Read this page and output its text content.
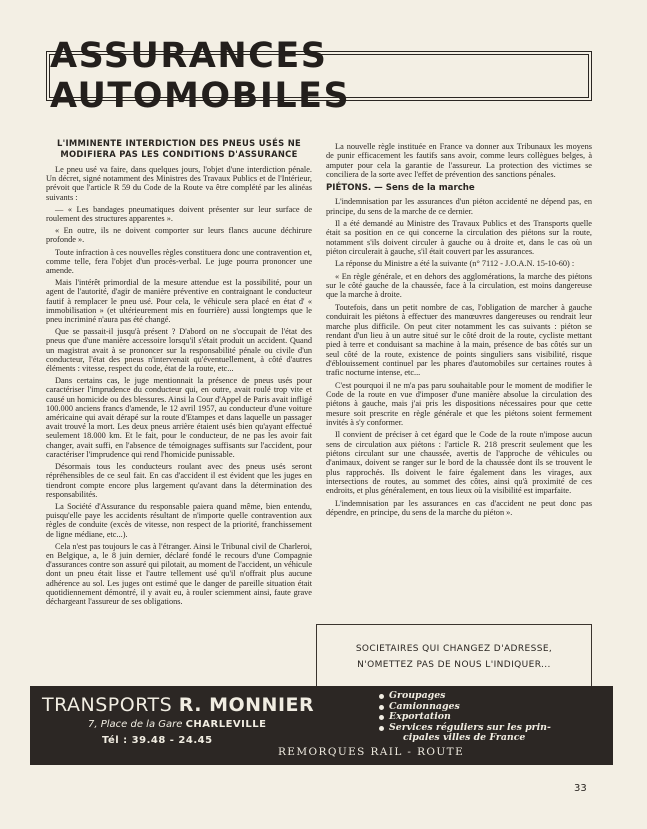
ASSURANCES AUTOMOBILES
L'IMMINENTE INTERDICTION DES PNEUS USÉS NE MODIFIERA PAS LES CONDITIONS D'ASSURANCE

Le pneu usé va faire, dans quelques jours, l'objet d'une interdiction pénale. Un décret, signé notamment des Ministres des Travaux Publics et de l'Intérieur, prévoit que l'article R 59 du Code de la Route va être complété par les alinéas suivants :

— « Les bandages pneumatiques doivent présenter sur leur surface de roulement des structures apparentes ».

« En outre, ils ne doivent comporter sur leurs flancs aucune déchirure profonde ».

Toute infraction à ces nouvelles règles constituera donc une contravention et, comme telle, fera l'objet d'un procès-verbal. Le juge pourra prononcer une amende.

Mais l'intérêt primordial de la mesure attendue est la possibilité, pour un agent de l'autorité, d'agir de manière préventive en contraignant le conducteur fautif à remplacer le pneu usé. Pour cela, le véhicule sera placé en état d' « immobilisation » (et ultérieurement mis en fourrière) aussi longtemps que le pneu incriminé n'aura pas été changé.

Que se passait-il jusqu'à présent ? D'abord on ne s'occupait de l'état des pneus que d'une manière accessoire lorsqu'il s'était produit un accident. Quand un magistrat avait à se prononcer sur la responsabilité pénale ou civile d'un conducteur, l'état des pneus n'intervenait qu'éventuellement, à côté d'autres éléments : vitesse, respect du code, état de la route, etc...

Dans certains cas, le juge mentionnait la présence de pneus usés pour caractériser l'imprudence du conducteur qui, en outre, avait roulé trop vite et causé un homicide ou des blessures. Ainsi la Cour d'Appel de Paris avait infligé 100.000 anciens francs d'amende, le 12 avril 1957, au conducteur d'une voiture américaine qui avait dérapé sur la route d'Etampes et dans laquelle un passager avait trouvé la mort. Les deux pneus arrière étaient usés bien qu'ayant effectué seulement 18.000 km. Et le fait, pour le conducteur, de ne pas les avoir fait changer, avait suffi, en l'absence de témoignages suffisants sur l'accident, pour caractériser l'imprudence qui rend l'homicide punissable.

Désormais tous les conducteurs roulant avec des pneus usés seront répréhensibles de ce seul fait. En cas d'accident il est évident que les juges en tiendront compte encore plus largement qu'avant dans la détermination des responsabilités.

La Société d'Assurance du responsable paiera quand même, bien entendu, puisqu'elle paye les accidents résultant de n'importe quelle contravention aux règles de conduite (excès de vitesse, non respect de la priorité, franchissement de ligne médiane, etc...).

Cela n'est pas toujours le cas à l'étranger. Ainsi le Tribunal civil de Charleroi, en Belgique, a, le 8 juin dernier, déclaré fondé le recours d'une Compagnie d'assurances contre son assuré qui pilotait, au moment de l'accident, un véhicule dont un pneu était lisse et l'autre tellement usé qu'il n'offrait plus aucune adhérence au sol. Les juges ont estimé que le danger de pareille situation était quotidiennement démontré, il y avait eu, à rouler sciemment ainsi, faute grave déchargeant l'assureur de ses obligations.

La nouvelle règle instituée en France va donner aux Tribunaux les moyens de punir efficacement les fautifs sans avoir, comme leurs collègues belges, à amputer pour cela la garantie de l'assureur. La protection des victimes se conciliera de la sorte avec l'effet de prévention des sanctions pénales.

PIÉTONS. — Sens de la marche

L'indemnisation par les assurances d'un piéton accidenté ne dépend pas, en principe, du sens de la marche de ce dernier.

Il a été demandé au Ministre des Travaux Publics et des Transports quelle était sa position en ce qui concerne la circulation des piétons sur la route, notamment s'ils doivent circuler à gauche ou à droite et, dans le cas où un piéton circulerait à gauche, s'il était couvert par les assurances.

La réponse du Ministre a été la suivante (n° 7112 - J.O.A.N. 15-10-60) :

« En règle générale, et en dehors des agglomérations, la marche des piétons sur le côté gauche de la chaussée, face à la circulation, est moins dangereuse que la marche à droite.

Toutefois, dans un petit nombre de cas, l'obligation de marcher à gauche conduirait les piétons à effectuer des manœuvres dangereuses ou rendrait leur marche plus difficile. On peut citer notamment les cas suivants : piéton se rendant d'un lieu à un autre situé sur le côté droit de la route, cycliste mettant pied à terre et conduisant sa machine à la main, présence de bas côtés sur un seul côté de la route, existence de points singuliers sans visibilité, risque d'éblouissement continuel par les phares d'automobiles sur certaines routes à trafic nocturne intense, etc...

C'est pourquoi il ne m'a pas paru souhaitable pour le moment de modifier le Code de la route en vue d'imposer d'une manière absolue la circulation des piétons à gauche, mais j'ai pris les dispositions nécessaires pour que cette mesure soit prescrite en règle générale et que les piétons soient fermement invités à s'y conformer.

Il convient de préciser à cet égard que le Code de la route n'impose aucun sens de circulation aux piétons : l'article R. 218 prescrit seulement que les piétons circulant sur une chaussée, avertis de l'approche de véhicules ou d'animaux, doivent se ranger sur le bord de la chaussée dont ils se trouvent le plus rapprochés. Ils doivent le faire également dans les virages, aux intersections de routes, au sommet des côtes, ainsi qu'à proximité de ces endroits, et plus généralement, en tous lieux où la visibilité est imparfaite.

L'indemnisation par les assurances en cas d'accident ne peut donc pas dépendre, en principe, du sens de la marche du piéton ».

SOCIETAIRES QUI CHANGEZ D'ADRESSE,
N'OMETTEZ PAS DE NOUS L'INDIQUER...
TRANSPORTS R. MONNIER
7, Place de la Gare CHARLEVILLE
Tél : 39.48 - 24.45
Groupages
Camionnages
Exportation
Services réguliers sur les prin-
cipales villes de France
REMORQUES RAIL - ROUTE
33
